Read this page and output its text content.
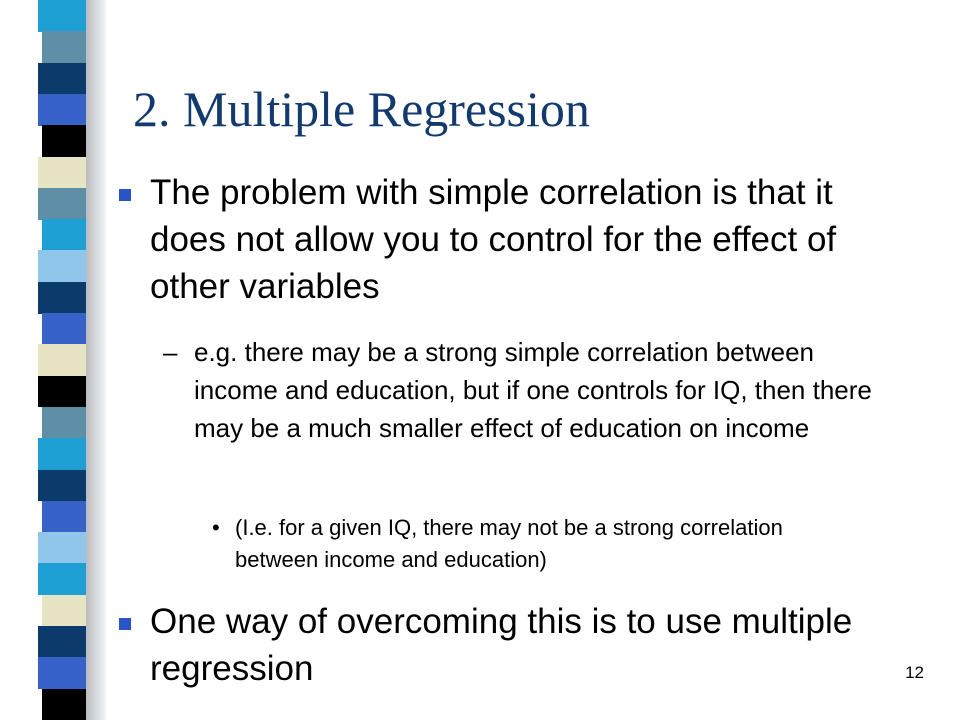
2. Multiple Regression
The problem with simple correlation is that it does not allow you to control for the effect of other variables
– e.g. there may be a strong simple correlation between income and education, but if one controls for IQ, then there may be a much smaller effect of education on income
• (I.e. for a given IQ, there may not be a strong correlation between income and education)
One way of overcoming this is to use multiple regression	12
